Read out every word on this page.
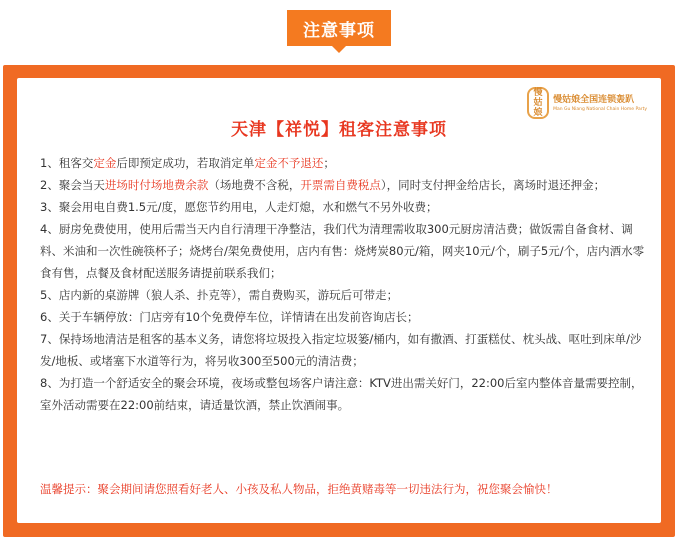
注意事项
慢姑娘
慢姑娘全国连锁轰趴
Man Gu Niang National Chain Home Party
天津【祥悦】租客注意事项
1、租客交定金后即预定成功，若取消定单定金不予退还；
2、聚会当天进场时付场地费余款（场地费不含税，开票需自费税点），同时支付押金给店长，离场时退还押金；
3、聚会用电自费1.5元/度，愿您节约用电，人走灯熄，水和燃气不另外收费；
4、厨房免费使用，使用后需当天内自行清理干净整洁，我们代为清理需收取300元厨房清洁费；做饭需自备食材、调料、米油和一次性碗筷杯子；烧烤台/架免费使用，店内有售：烧烤炭80元/箱，网夹10元/个，刷子5元/个，店内酒水零食有售，点餐及食材配送服务请提前联系我们；
5、店内新的桌游牌（狼人杀、扑克等），需自费购买，游玩后可带走；
6、关于车辆停放：门店旁有10个免费停车位，详情请在出发前咨询店长；
7、保持场地清洁是租客的基本义务，请您将垃圾投入指定垃圾篓/桶内，如有撒酒、打蛋糕仗、枕头战、呕吐到床单/沙发/地板、或堵塞下水道等行为，将另收300至500元的清洁费；
8、为打造一个舒适安全的聚会环境，夜场或整包场客户请注意：KTV进出需关好门，22:00后室内整体音量需要控制，室外活动需要在22:00前结束，请适量饮酒，禁止饮酒闹事。
温馨提示：聚会期间请您照看好老人、小孩及私人物品，拒绝黄赌毒等一切违法行为，祝您聚会愉快！
